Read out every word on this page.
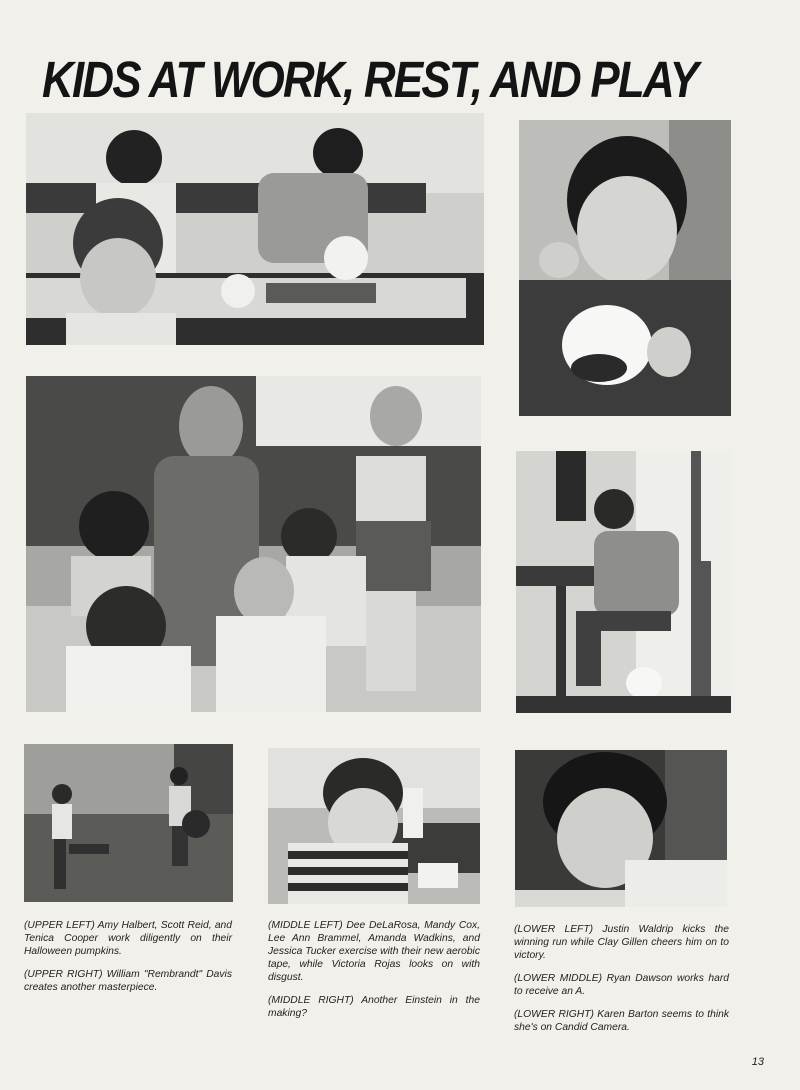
KIDS AT WORK, REST, AND PLAY

(UPPER LEFT) Amy Halbert, Scott Reid, and Tenica Cooper work diligently on their Halloween pumpkins.

(UPPER RIGHT) William "Rembrandt" Davis creates another masterpiece.

(MIDDLE LEFT) Dee DeLaRosa, Mandy Cox, Lee Ann Brammel, Amanda Wadkins, and Jessica Tucker exercise with their new aerobic tape, while Victoria Rojas looks on with disgust.

(MIDDLE RIGHT) Another Einstein in the making?

(LOWER LEFT) Justin Waldrip kicks the winning run while Clay Gillen cheers him on to victory.

(LOWER MIDDLE) Ryan Dawson works hard to receive an A.

(LOWER RIGHT) Karen Barton seems to think she's on Candid Camera.

13
